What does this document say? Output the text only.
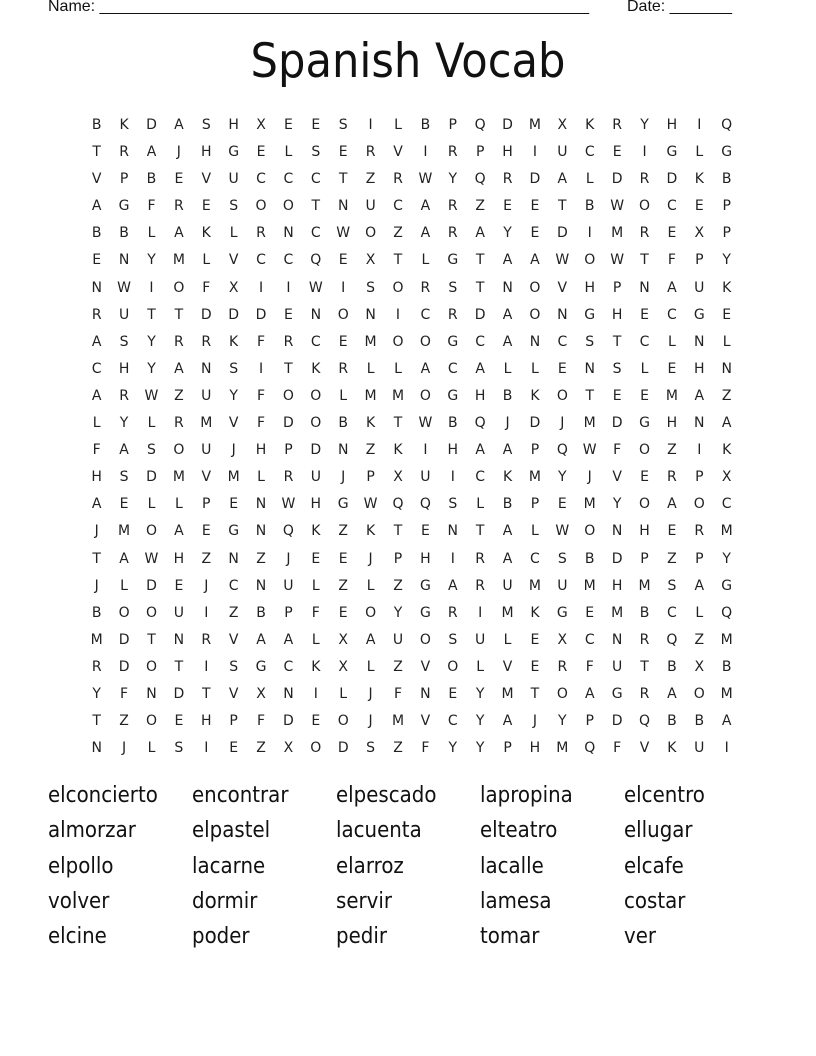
Name: _______________________________________________________ Date: _______
Spanish Vocab
B	K	D	A	S	H	X	E	E	S	I	L	B	P	Q	D	M	X	K	R	Y	H	I	Q
T	R	A	J	H	G	E	L	S	E	R	V	I	R	P	H	I	U	C	E	I	G	L	G
V	P	B	E	V	U	C	C	C	T	Z	R	W	Y	Q	R	D	A	L	D	R	D	K	B
A	G	F	R	E	S	O	O	T	N	U	C	A	R	Z	E	E	T	B	W	O	C	E	P
B	B	L	A	K	L	R	N	C	W	O	Z	A	R	A	Y	E	D	I	M	R	E	X	P
E	N	Y	M	L	V	C	C	Q	E	X	T	L	G	T	A	A	W	O	W	T	F	P	Y
N	W	I	O	F	X	I	I	W	I	S	O	R	S	T	N	O	V	H	P	N	A	U	K
R	U	T	T	D	D	D	E	N	O	N	I	C	R	D	A	O	N	G	H	E	C	G	E
A	S	Y	R	R	K	F	R	C	E	M	O	O	G	C	A	N	C	S	T	C	L	N	L
C	H	Y	A	N	S	I	T	K	R	L	L	A	C	A	L	L	E	N	S	L	E	H	N
A	R	W	Z	U	Y	F	O	O	L	M	M	O	G	H	B	K	O	T	E	E	M	A	Z
L	Y	L	R	M	V	F	D	O	B	K	T	W	B	Q	J	D	J	M	D	G	H	N	A
F	A	S	O	U	J	H	P	D	N	Z	K	I	H	A	A	P	Q	W	F	O	Z	I	K
H	S	D	M	V	M	L	R	U	J	P	X	U	I	C	K	M	Y	J	V	E	R	P	X
A	E	L	L	P	E	N	W	H	G	W	Q	Q	S	L	B	P	E	M	Y	O	A	O	C
J	M	O	A	E	G	N	Q	K	Z	K	T	E	N	T	A	L	W	O	N	H	E	R	M
T	A	W	H	Z	N	Z	J	E	E	J	P	H	I	R	A	C	S	B	D	P	Z	P	Y
J	L	D	E	J	C	N	U	L	Z	L	Z	G	A	R	U	M	U	M	H	M	S	A	G
B	O	O	U	I	Z	B	P	F	E	O	Y	G	R	I	M	K	G	E	M	B	C	L	Q
M	D	T	N	R	V	A	A	L	X	A	U	O	S	U	L	E	X	C	N	R	Q	Z	M
R	D	O	T	I	S	G	C	K	X	L	Z	V	O	L	V	E	R	F	U	T	B	X	B
Y	F	N	D	T	V	X	N	I	L	J	F	N	E	Y	M	T	O	A	G	R	A	O	M
T	Z	O	E	H	P	F	D	E	O	J	M	V	C	Y	A	J	Y	P	D	Q	B	B	A
N	J	L	S	I	E	Z	X	O	D	S	Z	F	Y	Y	P	H	M	Q	F	V	K	U	I
elconcierto	encontrar	elpescado	lapropina	elcentro
almorzar	elpastel	lacuenta	elteatro	ellugar
elpollo	lacarne	elarroz	lacalle	elcafe
volver	dormir	servir	lamesa	costar
elcine	poder	pedir	tomar	ver
